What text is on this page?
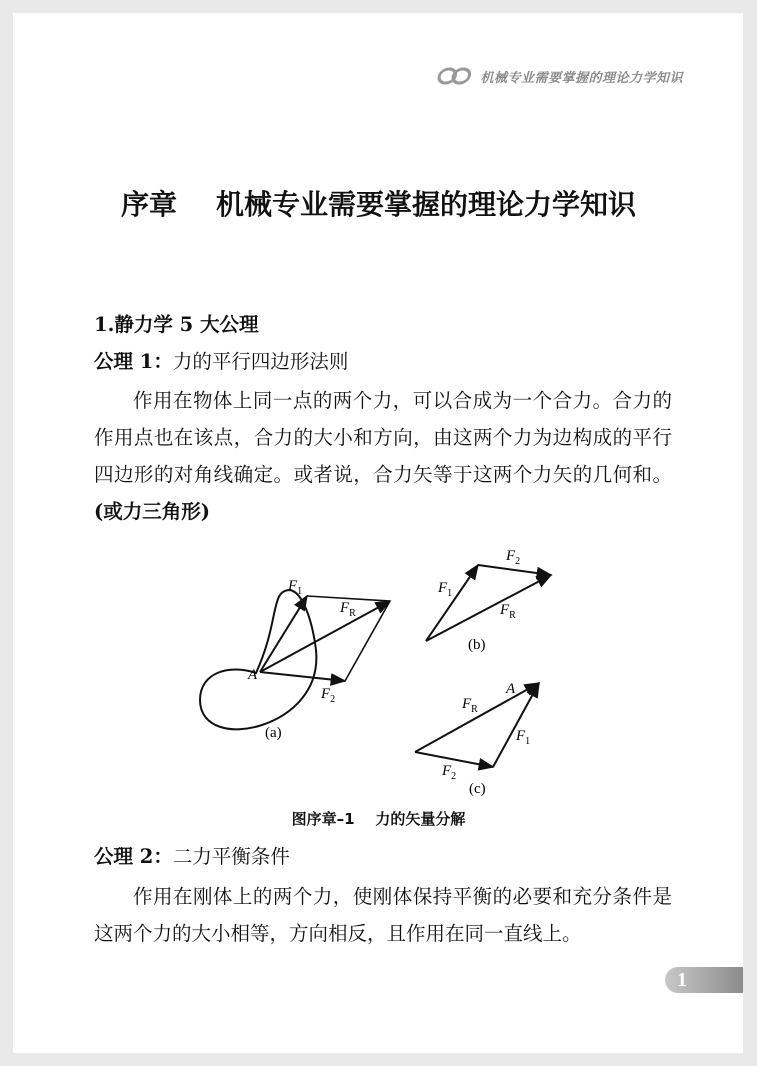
机械专业需要掌握的理论力学知识
序章    机械专业需要掌握的理论力学知识

1.静力学 5 大公理

公理 1：力的平行四边形法则

作用在物体上同一点的两个力，可以合成为一个合力。合力的作用点也在该点，合力的大小和方向，由这两个力为边构成的平行四边形的对角线确定。或者说，合力矢等于这两个力矢的几何和。(或力三角形)

$F_1$
$F_R$
$F_2$
A
(a)
$F_1$
$F_2$
$F_R$
(b)
A
$F_R$
$F_1$
$F_2$
(c)

图序章–1    力的矢量分解

公理 2：二力平衡条件

作用在刚体上的两个力，使刚体保持平衡的必要和充分条件是这两个力的大小相等，方向相反，且作用在同一直线上。

1
